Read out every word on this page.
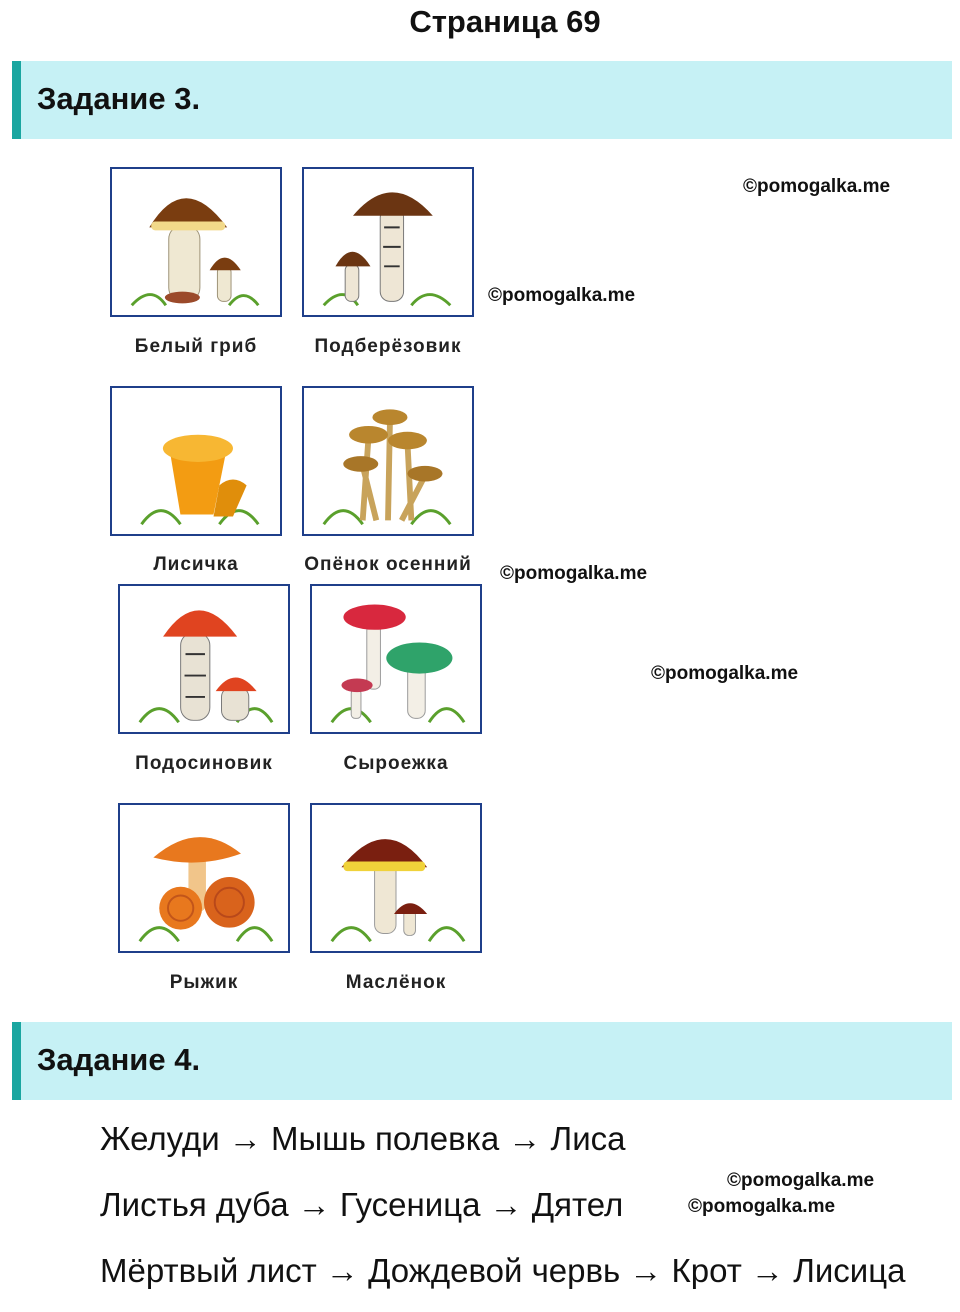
Страница 69
Задание 3.
Белый гриб	Подберёзовик
Лисичка	Опёнок осенний
Подосиновик	Сыроежка
Рыжик	Маслёнок
©pomogalka.me
©pomogalka.me
©pomogalka.me
©pomogalka.me
Задание 4.
Желуди → Мышь полевка → Лиса
Листья дуба → Гусеница → Дятел
Мёртвый лист → Дождевой червь → Крот → Лисица
©pomogalka.me
©pomogalka.me
